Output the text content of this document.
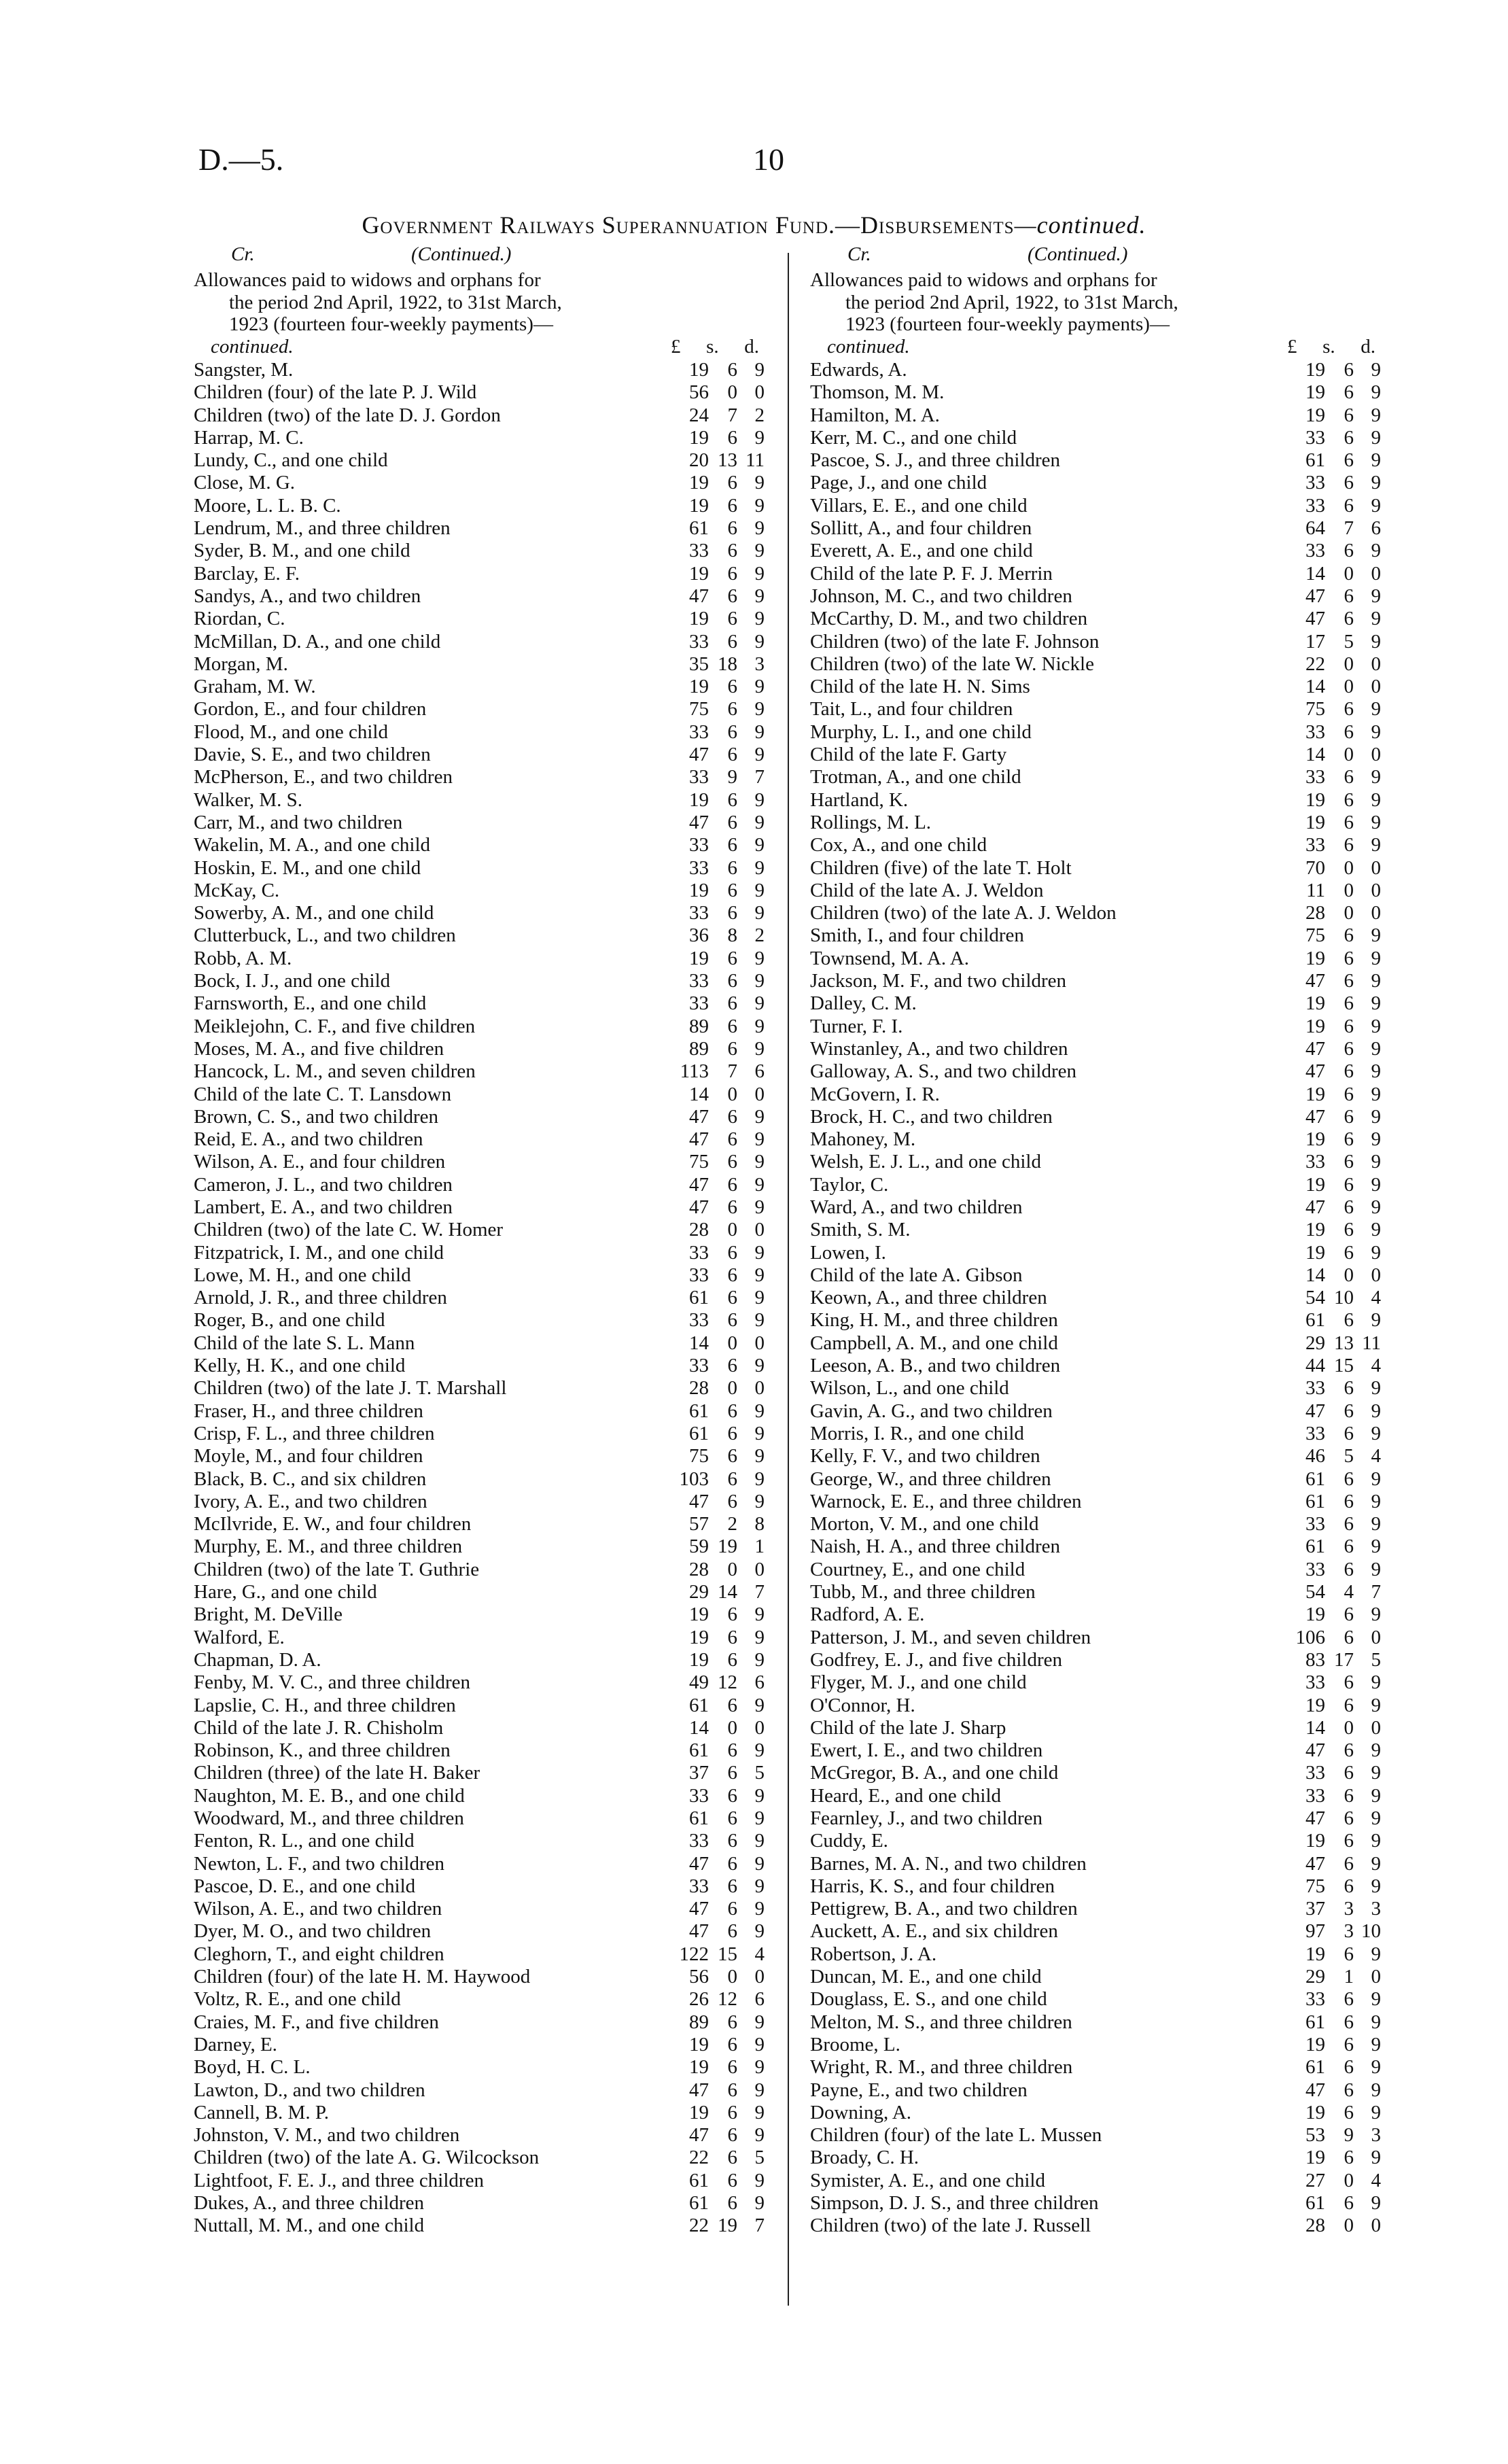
D.—5.	10
Government Railways Superannuation Fund.—Disbursements—continued.
Cr.	(Continued.)
Allowances paid to widows and orphans for
the period 2nd April, 1922, to 31st March,
1923 (fourteen four-weekly payments)—
continued.	£ s. d.
Sangster, M.	19 6 9
Children (four) of the late P. J. Wild	56 0 0
Children (two) of the late D. J. Gordon	24 7 2
Harrap, M. C.	19 6 9
Lundy, C., and one child	20 13 11
Close, M. G.	19 6 9
Moore, L. L. B. C.	19 6 9
Lendrum, M., and three children	61 6 9
Syder, B. M., and one child	33 6 9
Barclay, E. F.	19 6 9
Sandys, A., and two children	47 6 9
Riordan, C.	19 6 9
McMillan, D. A., and one child	33 6 9
Morgan, M.	35 18 3
Graham, M. W.	19 6 9
Gordon, E., and four children	75 6 9
Flood, M., and one child	33 6 9
Davie, S. E., and two children	47 6 9
McPherson, E., and two children	33 9 7
Walker, M. S.	19 6 9
Carr, M., and two children	47 6 9
Wakelin, M. A., and one child	33 6 9
Hoskin, E. M., and one child	33 6 9
McKay, C.	19 6 9
Sowerby, A. M., and one child	33 6 9
Clutterbuck, L., and two children	36 8 2
Robb, A. M.	19 6 9
Bock, I. J., and one child	33 6 9
Farnsworth, E., and one child	33 6 9
Meiklejohn, C. F., and five children	89 6 9
Moses, M. A., and five children	89 6 9
Hancock, L. M., and seven children	113 7 6
Child of the late C. T. Lansdown	14 0 0
Brown, C. S., and two children	47 6 9
Reid, E. A., and two children	47 6 9
Wilson, A. E., and four children	75 6 9
Cameron, J. L., and two children	47 6 9
Lambert, E. A., and two children	47 6 9
Children (two) of the late C. W. Homer	28 0 0
Fitzpatrick, I. M., and one child	33 6 9
Lowe, M. H., and one child	33 6 9
Arnold, J. R., and three children	61 6 9
Roger, B., and one child	33 6 9
Child of the late S. L. Mann	14 0 0
Kelly, H. K., and one child	33 6 9
Children (two) of the late J. T. Marshall	28 0 0
Fraser, H., and three children	61 6 9
Crisp, F. L., and three children	61 6 9
Moyle, M., and four children	75 6 9
Black, B. C., and six children	103 6 9
Ivory, A. E., and two children	47 6 9
McIlvride, E. W., and four children	57 2 8
Murphy, E. M., and three children	59 19 1
Children (two) of the late T. Guthrie	28 0 0
Hare, G., and one child	29 14 7
Bright, M. DeVille	19 6 9
Walford, E.	19 6 9
Chapman, D. A.	19 6 9
Fenby, M. V. C., and three children	49 12 6
Lapslie, C. H., and three children	61 6 9
Child of the late J. R. Chisholm	14 0 0
Robinson, K., and three children	61 6 9
Children (three) of the late H. Baker	37 6 5
Naughton, M. E. B., and one child	33 6 9
Woodward, M., and three children	61 6 9
Fenton, R. L., and one child	33 6 9
Newton, L. F., and two children	47 6 9
Pascoe, D. E., and one child	33 6 9
Wilson, A. E., and two children	47 6 9
Dyer, M. O., and two children	47 6 9
Cleghorn, T., and eight children	122 15 4
Children (four) of the late H. M. Haywood	56 0 0
Voltz, R. E., and one child	26 12 6
Craies, M. F., and five children	89 6 9
Darney, E.	19 6 9
Boyd, H. C. L.	19 6 9
Lawton, D., and two children	47 6 9
Cannell, B. M. P.	19 6 9
Johnston, V. M., and two children	47 6 9
Children (two) of the late A. G. Wilcockson	22 6 5
Lightfoot, F. E. J., and three children	61 6 9
Dukes, A., and three children	61 6 9
Nuttall, M. M., and one child	22 19 7
Cr.	(Continued.)
Allowances paid to widows and orphans for
the period 2nd April, 1922, to 31st March,
1923 (fourteen four-weekly payments)—
continued.	£ s. d.
Edwards, A.	19 6 9
Thomson, M. M.	19 6 9
Hamilton, M. A.	19 6 9
Kerr, M. C., and one child	33 6 9
Pascoe, S. J., and three children	61 6 9
Page, J., and one child	33 6 9
Villars, E. E., and one child	33 6 9
Sollitt, A., and four children	64 7 6
Everett, A. E., and one child	33 6 9
Child of the late P. F. J. Merrin	14 0 0
Johnson, M. C., and two children	47 6 9
McCarthy, D. M., and two children	47 6 9
Children (two) of the late F. Johnson	17 5 9
Children (two) of the late W. Nickle	22 0 0
Child of the late H. N. Sims	14 0 0
Tait, L., and four children	75 6 9
Murphy, L. I., and one child	33 6 9
Child of the late F. Garty	14 0 0
Trotman, A., and one child	33 6 9
Hartland, K.	19 6 9
Rollings, M. L.	19 6 9
Cox, A., and one child	33 6 9
Children (five) of the late T. Holt	70 0 0
Child of the late A. J. Weldon	11 0 0
Children (two) of the late A. J. Weldon	28 0 0
Smith, I., and four children	75 6 9
Townsend, M. A. A.	19 6 9
Jackson, M. F., and two children	47 6 9
Dalley, C. M.	19 6 9
Turner, F. I.	19 6 9
Winstanley, A., and two children	47 6 9
Galloway, A. S., and two children	47 6 9
McGovern, I. R.	19 6 9
Brock, H. C., and two children	47 6 9
Mahoney, M.	19 6 9
Welsh, E. J. L., and one child	33 6 9
Taylor, C.	19 6 9
Ward, A., and two children	47 6 9
Smith, S. M.	19 6 9
Lowen, I.	19 6 9
Child of the late A. Gibson	14 0 0
Keown, A., and three children	54 10 4
King, H. M., and three children	61 6 9
Campbell, A. M., and one child	29 13 11
Leeson, A. B., and two children	44 15 4
Wilson, L., and one child	33 6 9
Gavin, A. G., and two children	47 6 9
Morris, I. R., and one child	33 6 9
Kelly, F. V., and two children	46 5 4
George, W., and three children	61 6 9
Warnock, E. E., and three children	61 6 9
Morton, V. M., and one child	33 6 9
Naish, H. A., and three children	61 6 9
Courtney, E., and one child	33 6 9
Tubb, M., and three children	54 4 7
Radford, A. E.	19 6 9
Patterson, J. M., and seven children	106 6 0
Godfrey, E. J., and five children	83 17 5
Flyger, M. J., and one child	33 6 9
O'Connor, H.	19 6 9
Child of the late J. Sharp	14 0 0
Ewert, I. E., and two children	47 6 9
McGregor, B. A., and one child	33 6 9
Heard, E., and one child	33 6 9
Fearnley, J., and two children	47 6 9
Cuddy, E.	19 6 9
Barnes, M. A. N., and two children	47 6 9
Harris, K. S., and four children	75 6 9
Pettigrew, B. A., and two children	37 3 3
Auckett, A. E., and six children	97 3 10
Robertson, J. A.	19 6 9
Duncan, M. E., and one child	29 1 0
Douglass, E. S., and one child	33 6 9
Melton, M. S., and three children	61 6 9
Broome, L.	19 6 9
Wright, R. M., and three children	61 6 9
Payne, E., and two children	47 6 9
Downing, A.	19 6 9
Children (four) of the late L. Mussen	53 9 3
Broady, C. H.	19 6 9
Symister, A. E., and one child	27 0 4
Simpson, D. J. S., and three children	61 6 9
Children (two) of the late J. Russell	28 0 0
